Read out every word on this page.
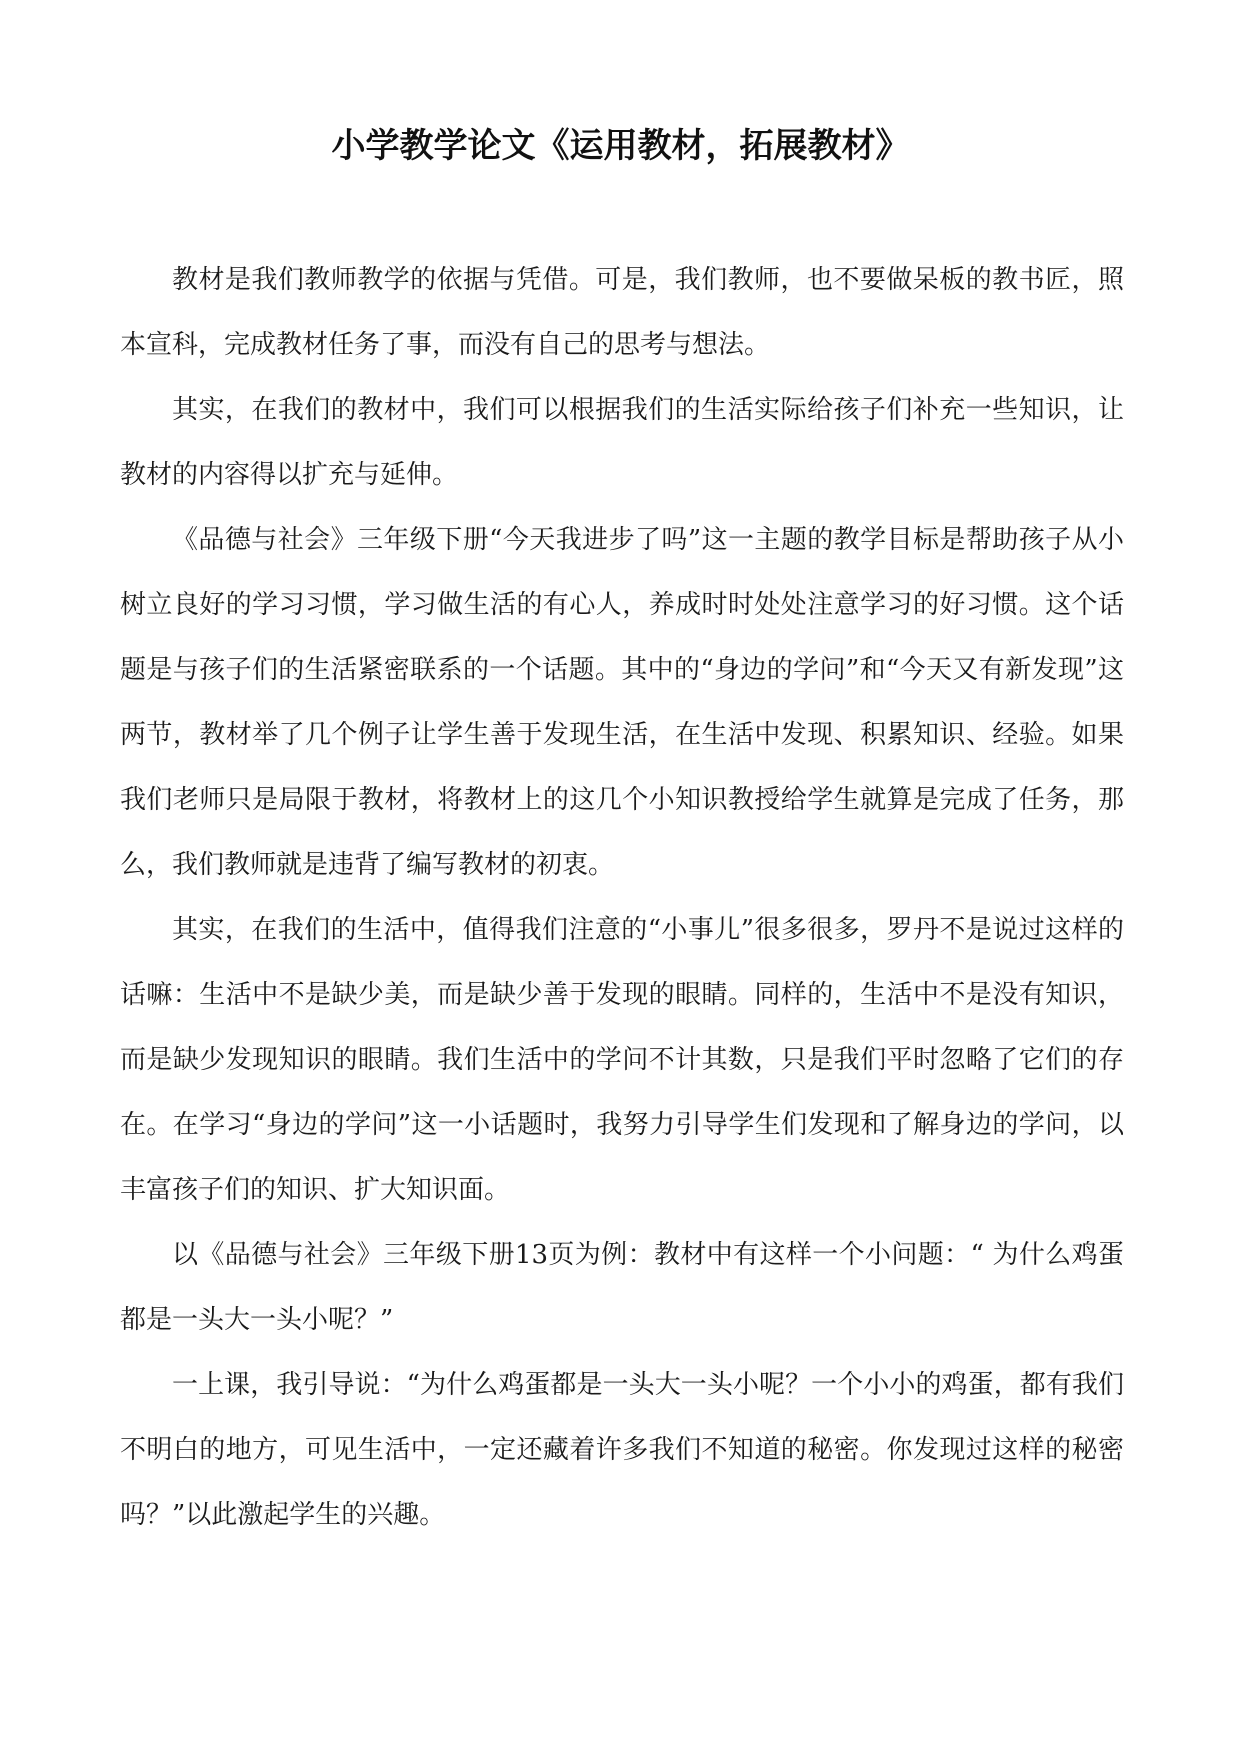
小学教学论文《运用教材，拓展教材》

教材是我们教师教学的依据与凭借。可是，我们教师，也不要做呆板的教书匠，照本宣科，完成教材任务了事，而没有自己的思考与想法。

其实，在我们的教材中，我们可以根据我们的生活实际给孩子们补充一些知识，让教材的内容得以扩充与延伸。

《品德与社会》三年级下册“今天我进步了吗”这一主题的教学目标是帮助孩子从小树立良好的学习习惯，学习做生活的有心人，养成时时处处注意学习的好习惯。这个话题是与孩子们的生活紧密联系的一个话题。其中的“身边的学问”和“今天又有新发现”这两节，教材举了几个例子让学生善于发现生活，在生活中发现、积累知识、经验。如果我们老师只是局限于教材，将教材上的这几个小知识教授给学生就算是完成了任务，那么，我们教师就是违背了编写教材的初衷。

其实，在我们的生活中，值得我们注意的“小事儿”很多很多，罗丹不是说过这样的话嘛：生活中不是缺少美，而是缺少善于发现的眼睛。同样的，生活中不是没有知识，而是缺少发现知识的眼睛。我们生活中的学问不计其数，只是我们平时忽略了它们的存在。在学习“身边的学问”这一小话题时，我努力引导学生们发现和了解身边的学问，以丰富孩子们的知识、扩大知识面。

以《品德与社会》三年级下册13页为例：教材中有这样一个小问题：“ 为什么鸡蛋都是一头大一头小呢？”

一上课，我引导说：“为什么鸡蛋都是一头大一头小呢？一个小小的鸡蛋，都有我们不明白的地方，可见生活中，一定还藏着许多我们不知道的秘密。你发现过这样的秘密吗？”以此激起学生的兴趣。
